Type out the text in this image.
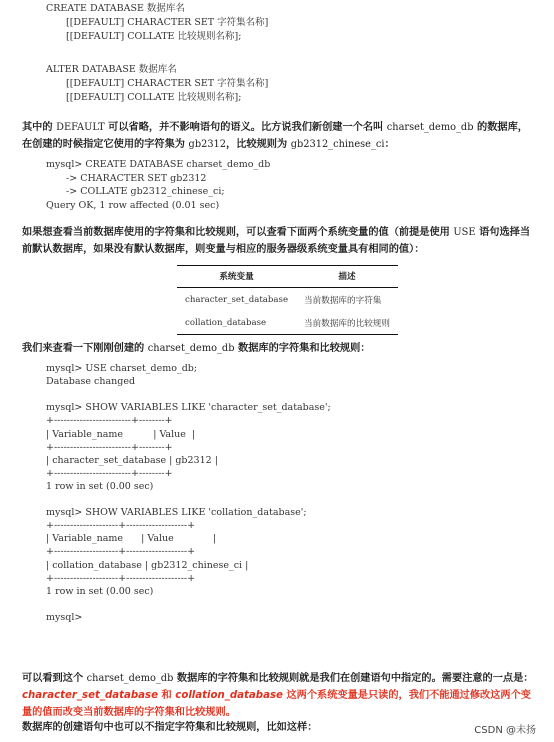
CREATE DATABASE 数据库名
[[DEFAULT] CHARACTER SET 字符集名称]
[[DEFAULT] COLLATE 比较规则名称];
ALTER DATABASE 数据库名
[[DEFAULT] CHARACTER SET 字符集名称]
[[DEFAULT] COLLATE 比较规则名称];
其中的 DEFAULT 可以省略，并不影响语句的语义。比方说我们新创建一个名叫 charset_demo_db 的数据库，在创建的时候指定它使用的字符集为 gb2312，比较规则为 gb2312_chinese_ci：
mysql> CREATE DATABASE charset_demo_db
-> CHARACTER SET gb2312
-> COLLATE gb2312_chinese_ci;
Query OK, 1 row affected (0.01 sec)
如果想查看当前数据库使用的字符集和比较规则，可以查看下面两个系统变量的值（前提是使用 USE 语句选择当前默认数据库，如果没有默认数据库，则变量与相应的服务器级系统变量具有相同的值）：
系统变量	描述
character_set_database	当前数据库的字符集
collation_database	当前数据库的比较规则
我们来查看一下刚刚创建的 charset_demo_db 数据库的字符集和比较规则：
mysql> USE charset_demo_db;
Database changed
mysql> SHOW VARIABLES LIKE 'character_set_database';
+------------------------+--------+
| Variable_name          | Value  |
+------------------------+--------+
| character_set_database | gb2312 |
+------------------------+--------+
1 row in set (0.00 sec)
mysql> SHOW VARIABLES LIKE 'collation_database';
+--------------------+-------------------+
| Variable_name      | Value             |
+--------------------+-------------------+
| collation_database | gb2312_chinese_ci |
+--------------------+-------------------+
1 row in set (0.00 sec)
mysql>
可以看到这个 charset_demo_db 数据库的字符集和比较规则就是我们在创建语句中指定的。需要注意的一点是：character_set_database 和 collation_database 这两个系统变量是只读的，我们不能通过修改这两个变量的值而改变当前数据库的字符集和比较规则。
数据库的创建语句中也可以不指定字符集和比较规则，比如这样：	CSDN @未扬
